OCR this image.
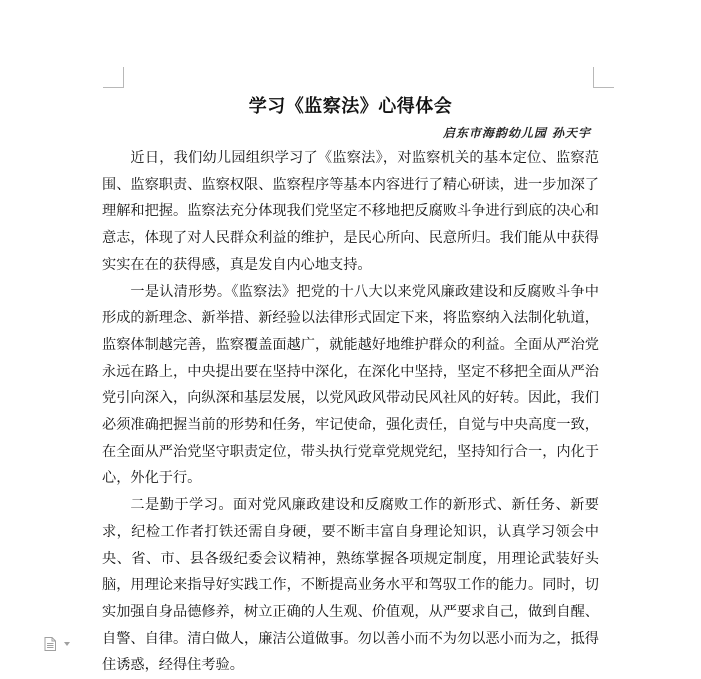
学习《监察法》心得体会
启东市海韵幼儿园 孙天宇

近日，我们幼儿园组织学习了《监察法》，对监察机关的基本定位、监察范围、监察职责、监察权限、监察程序等基本内容进行了精心研读，进一步加深了理解和把握。监察法充分体现我们党坚定不移地把反腐败斗争进行到底的决心和意志，体现了对人民群众利益的维护，是民心所向、民意所归。我们能从中获得实实在在的获得感，真是发自内心地支持。

一是认清形势。《监察法》把党的十八大以来党风廉政建设和反腐败斗争中形成的新理念、新举措、新经验以法律形式固定下来，将监察纳入法制化轨道，监察体制越完善，监察覆盖面越广，就能越好地维护群众的利益。全面从严治党永远在路上，中央提出要在坚持中深化，在深化中坚持，坚定不移把全面从严治党引向深入，向纵深和基层发展，以党风政风带动民风社风的好转。因此，我们必须准确把握当前的形势和任务，牢记使命，强化责任，自觉与中央高度一致，在全面从严治党坚守职责定位，带头执行党章党规党纪，坚持知行合一，内化于心，外化于行。

二是勤于学习。面对党风廉政建设和反腐败工作的新形式、新任务、新要求，纪检工作者打铁还需自身硬，要不断丰富自身理论知识，认真学习领会中央、省、市、县各级纪委会议精神，熟练掌握各项规定制度，用理论武装好头脑，用理论来指导好实践工作，不断提高业务水平和驾驭工作的能力。同时，切实加强自身品德修养，树立正确的人生观、价值观，从严要求自己，做到自醒、自警、自律。清白做人，廉洁公道做事。勿以善小而不为勿以恶小而为之，抵得住诱惑，经得住考验。
